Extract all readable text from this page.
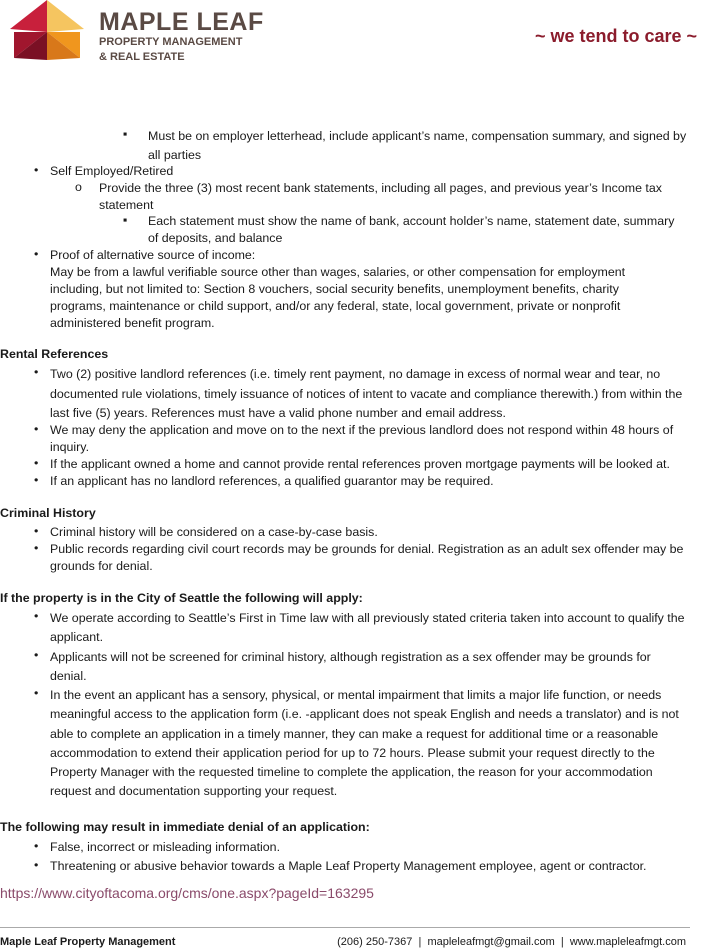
MAPLE LEAF
PROPERTY MANAGEMENT
& REAL ESTATE
~ we tend to care ~
▪ Must be on employer letterhead, include applicant’s name, compensation summary, and signed by all parties
• Self Employed/Retired
o Provide the three (3) most recent bank statements, including all pages, and previous year’s Income tax statement
▪ Each statement must show the name of bank, account holder’s name, statement date, summary of deposits, and balance
• Proof of alternative source of income:
May be from a lawful verifiable source other than wages, salaries, or other compensation for employment including, but not limited to: Section 8 vouchers, social security benefits, unemployment benefits, charity programs, maintenance or child support, and/or any federal, state, local government, private or nonprofit administered benefit program.
Rental References
• Two (2) positive landlord references (i.e. timely rent payment, no damage in excess of normal wear and tear, no documented rule violations, timely issuance of notices of intent to vacate and compliance therewith.) from within the last five (5) years. References must have a valid phone number and email address.
• We may deny the application and move on to the next if the previous landlord does not respond within 48 hours of inquiry.
• If the applicant owned a home and cannot provide rental references proven mortgage payments will be looked at.
• If an applicant has no landlord references, a qualified guarantor may be required.
Criminal History
• Criminal history will be considered on a case-by-case basis.
• Public records regarding civil court records may be grounds for denial. Registration as an adult sex offender may be grounds for denial.
If the property is in the City of Seattle the following will apply:
• We operate according to Seattle’s First in Time law with all previously stated criteria taken into account to qualify the applicant.
• Applicants will not be screened for criminal history, although registration as a sex offender may be grounds for denial.
• In the event an applicant has a sensory, physical, or mental impairment that limits a major life function, or needs meaningful access to the application form (i.e. -applicant does not speak English and needs a translator) and is not able to complete an application in a timely manner, they can make a request for additional time or a reasonable accommodation to extend their application period for up to 72 hours. Please submit your request directly to the Property Manager with the requested timeline to complete the application, the reason for your accommodation request and documentation supporting your request.
The following may result in immediate denial of an application:
• False, incorrect or misleading information.
• Threatening or abusive behavior towards a Maple Leaf Property Management employee, agent or contractor.
https://www.cityoftacoma.org/cms/one.aspx?pageId=163295
Maple Leaf Property Management	(206) 250-7367  |  mapleleafmgt@gmail.com  |  www.mapleleafmgt.com
